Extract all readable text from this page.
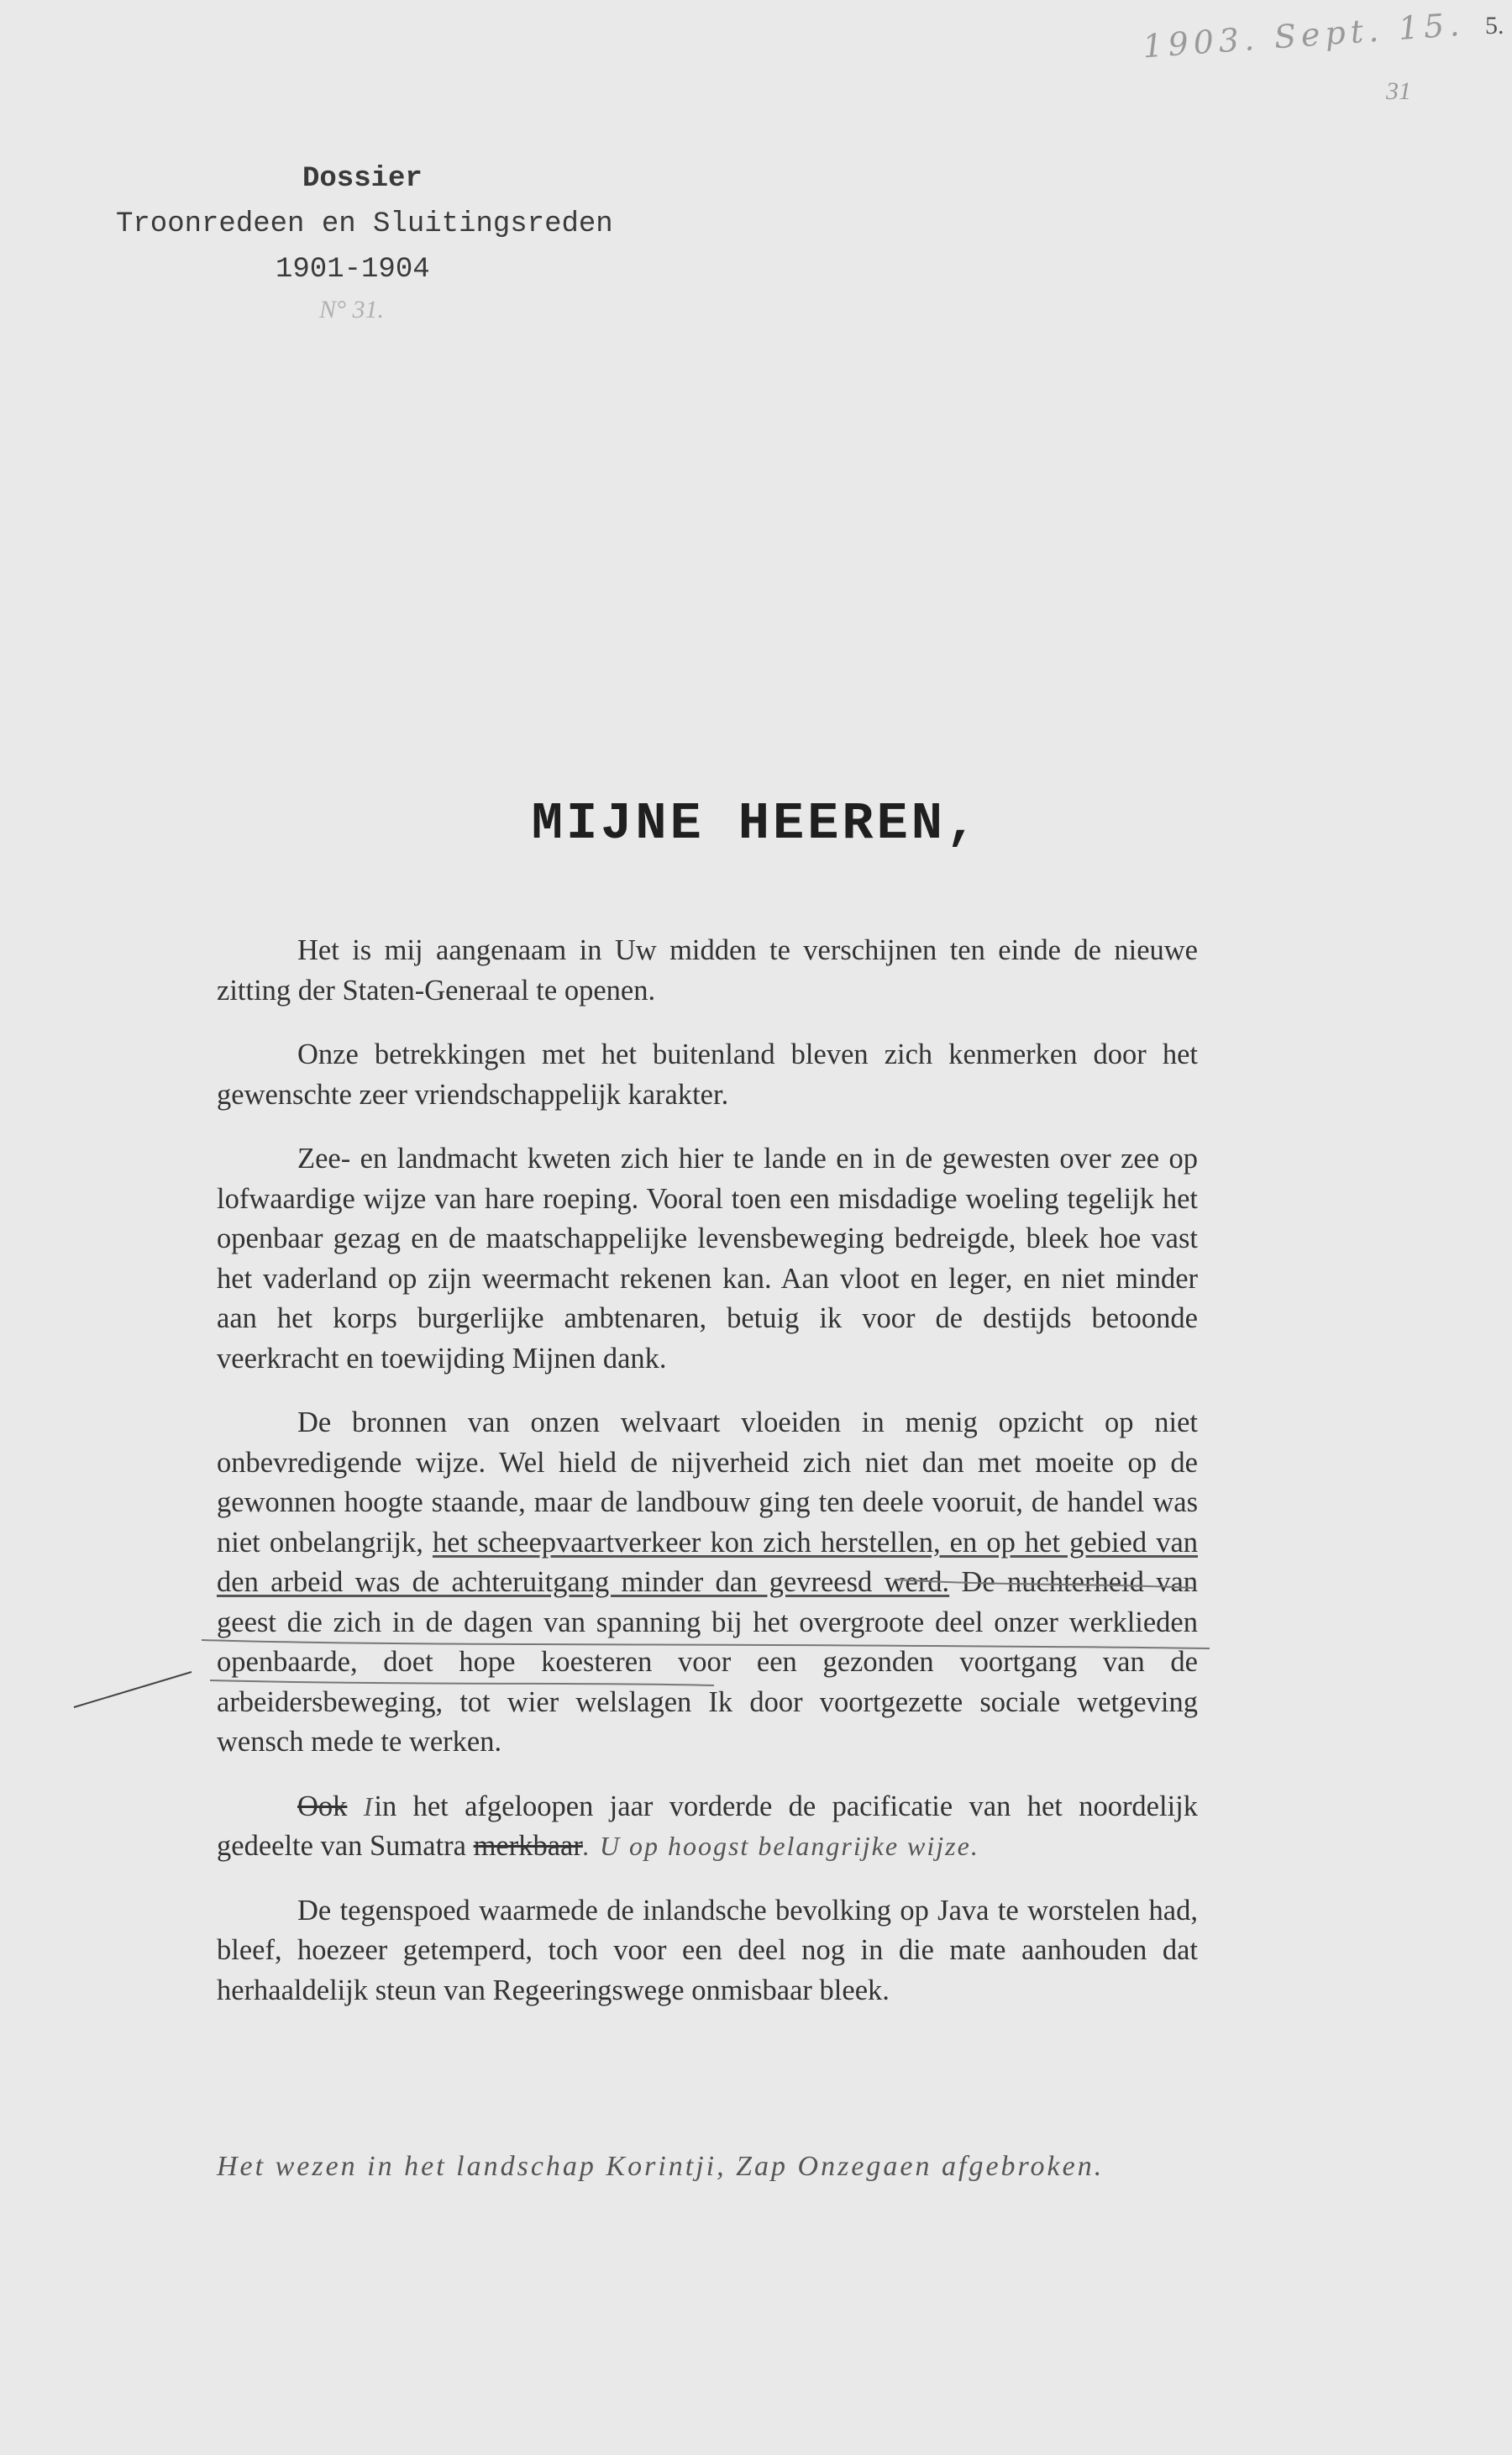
1903. Sept. 15. 5.
31
Dossier
Troonredeen en Sluitingsreden
1901-1904
N° 31.
MIJNE HEEREN,

Het is mij aangenaam in Uw midden te verschijnen ten einde de nieuwe zitting der Staten-Generaal te openen.

Onze betrekkingen met het buitenland bleven zich kenmerken door het gewenschte zeer vriendschappelijk karakter.

Zee- en landmacht kweten zich hier te lande en in de gewesten over zee op lofwaardige wijze van hare roeping. Vooral toen een misdadige woeling tegelijk het openbaar gezag en de maatschappelijke levensbeweging bedreigde, bleek hoe vast het vaderland op zijn weermacht rekenen kan. Aan vloot en leger, en niet minder aan het korps burgerlijke ambtenaren, betuig ik voor de destijds betoonde veerkracht en toewijding Mijnen dank.

De bronnen van onzen welvaart vloeiden in menig opzicht op niet onbevredigende wijze. Wel hield de nijverheid zich niet dan met moeite op de gewonnen hoogte staande, maar de landbouw ging ten deele vooruit, de handel was niet onbelangrijk, het scheepvaartverkeer kon zich herstellen, en op het gebied van den arbeid was de achteruitgang minder dan gevreesd werd. De nuchterheid van geest die zich in de dagen van spanning bij het overgroote deel onzer werklieden openbaarde, doet hope koesteren voor een gezonden voortgang van de arbeidersbeweging, tot wier welslagen Ik door voortgezette sociale wetgeving wensch mede te werken.

Ook Iin het afgeloopen jaar vorderde de pacificatie van het noordelijk gedeelte van Sumatra merkbaar. U op hoogst belangrijke wijze.

De tegenspoed waarmede de inlandsche bevolking op Java te worstelen had, bleef, hoezeer getemperd, toch voor een deel nog in die mate aanhouden dat herhaaldelijk steun van Regeeringswege onmisbaar bleek.

Het wezen in het landschap Korintji, Zap Onzegaen afgebroken.
